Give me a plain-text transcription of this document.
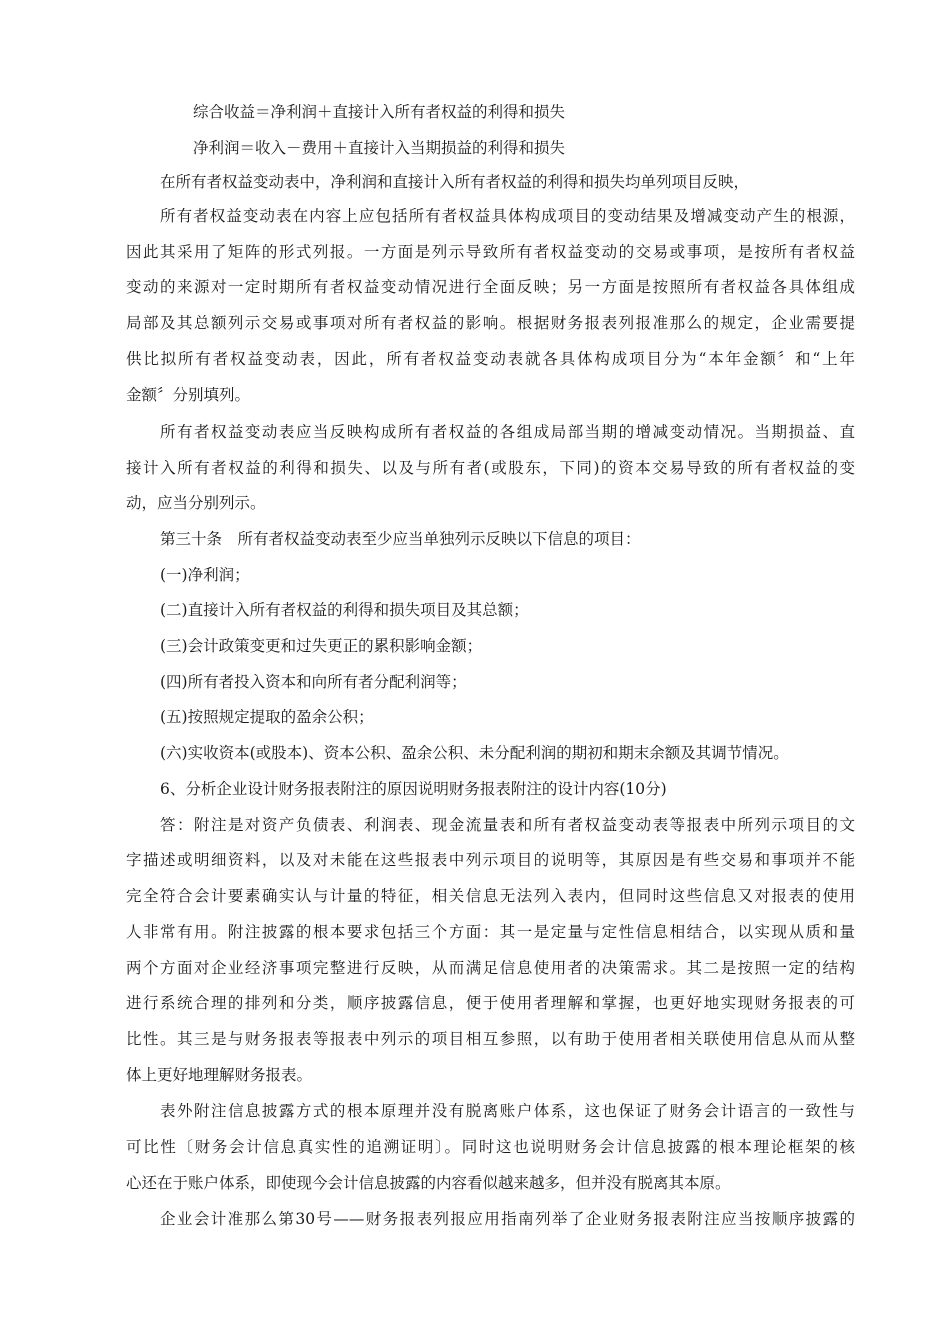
综合收益＝净利润＋直接计入所有者权益的利得和损失
净利润＝收入－费用＋直接计入当期损益的利得和损失
在所有者权益变动表中，净利润和直接计入所有者权益的利得和损失均单列项目反映，
所有者权益变动表在内容上应包括所有者权益具体构成项目的变动结果及增减变动产生的根源，
因此其采用了矩阵的形式列报。一方面是列示导致所有者权益变动的交易或事项，是按所有者权益
变动的来源对一定时期所有者权益变动情况进行全面反映；另一方面是按照所有者权益各具体组成
局部及其总额列示交易或事项对所有者权益的影响。根据财务报表列报准那么的规定，企业需要提
供比拟所有者权益变动表，因此，所有者权益变动表就各具体构成项目分为“本年金额〞和“上年
金额〞分别填列。
所有者权益变动表应当反映构成所有者权益的各组成局部当期的增减变动情况。当期损益、直
接计入所有者权益的利得和损失、以及与所有者(或股东，下同)的资本交易导致的所有者权益的变
动，应当分别列示。
第三十条　所有者权益变动表至少应当单独列示反映以下信息的项目：
(一)净利润；
(二)直接计入所有者权益的利得和损失项目及其总额；
(三)会计政策变更和过失更正的累积影响金额；
(四)所有者投入资本和向所有者分配利润等；
(五)按照规定提取的盈余公积；
(六)实收资本(或股本)、资本公积、盈余公积、未分配利润的期初和期末余额及其调节情况。
6、分析企业设计财务报表附注的原因说明财务报表附注的设计内容(10分)
答：附注是对资产负债表、利润表、现金流量表和所有者权益变动表等报表中所列示项目的文
字描述或明细资料，以及对未能在这些报表中列示项目的说明等，其原因是有些交易和事项并不能
完全符合会计要素确实认与计量的特征，相关信息无法列入表内，但同时这些信息又对报表的使用
人非常有用。附注披露的根本要求包括三个方面：其一是定量与定性信息相结合，以实现从质和量
两个方面对企业经济事项完整进行反映，从而满足信息使用者的决策需求。其二是按照一定的结构
进行系统合理的排列和分类，顺序披露信息，便于使用者理解和掌握，也更好地实现财务报表的可
比性。其三是与财务报表等报表中列示的项目相互参照，以有助于使用者相关联使用信息从而从整
体上更好地理解财务报表。
表外附注信息披露方式的根本原理并没有脱离账户体系，这也保证了财务会计语言的一致性与
可比性〔财务会计信息真实性的追溯证明〕。同时这也说明财务会计信息披露的根本理论框架的核
心还在于账户体系，即使现今会计信息披露的内容看似越来越多，但并没有脱离其本原。
企业会计准那么第30号——财务报表列报应用指南列举了企业财务报表附注应当按顺序披露的
